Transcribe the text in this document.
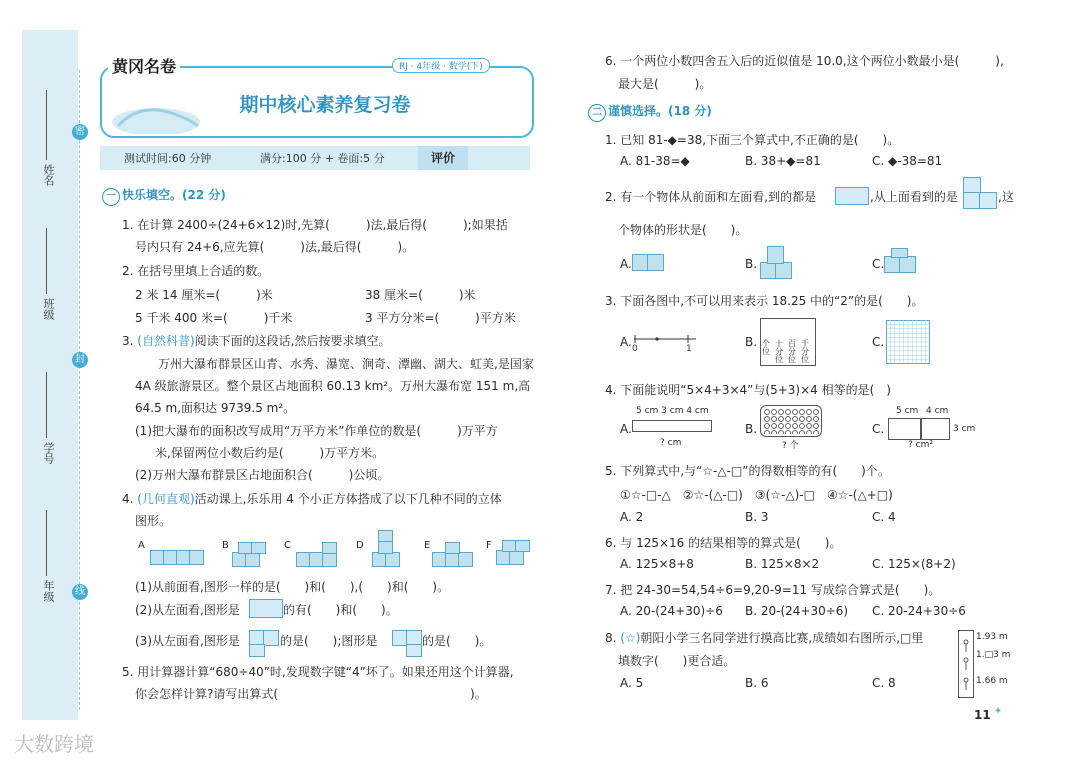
密
封
线
姓名
班级
学号
年级
黄冈名卷	RJ · 4年级 · 数学(下)
期中核心素养复习卷
测试时间:60 分钟	满分:100 分 + 卷面:5 分	评价
一 快乐填空。(22 分)
1. 在计算 2400÷(24+6×12)时,先算(　　　)法,最后得(　　　);如果括
号内只有 24+6,应先算(　　　)法,最后得(　　　)。
2. 在括号里填上合适的数。
2 米 14 厘米=(　　　)米	38 厘米=(　　　)米
5 千米 400 米=(　　　)千米	3 平方分米=(　　　)平方米
3. (自然科普)阅读下面的这段话,然后按要求填空。
万州大瀑布群景区山青、水秀、瀑宽、涧奇、潭幽、湖大、虹美,是国家
4A 级旅游景区。整个景区占地面积 60.13 km²。万州大瀑布宽 151 m,高
64.5 m,面积达 9739.5 m²。
(1)把大瀑布的面积改写成用“万平方米”作单位的数是(　　　)万平方
米,保留两位小数后约是(　　　)万平方米。
(2)万州大瀑布群景区占地面积合(　　　)公顷。
4. (几何直观)活动课上,乐乐用 4 个小正方体搭成了以下几种不同的立体
图形。
A	B	C	D	E	F
(1)从前面看,图形一样的是(　　)和(　　),(　　)和(　　)。
(2)从左面看,图形是	的有(　　)和(　　)。
(3)从左面看,图形是	的是(　　);图形是	的是(　　)。
5. 用计算器计算“680÷40”时,发现数字键“4”坏了。如果还用这个计算器,
你会怎样计算?请写出算式(　　　　　　　　　　　　　　　　)。
6. 一个两位小数四舍五入后的近似值是 10.0,这个两位小数最小是(　　　),
最大是(　　　)。
二 谨慎选择。(18 分)
1. 已知 81-◆=38,下面三个算式中,不正确的是(　　)。
A. 81-38=◆	B. 38+◆=81	C. ◆-38=81
2. 有一个物体从前面和左面看,到的都是	,从上面看到的是	,这
个物体的形状是(　　)。
A.	B.	C.
3. 下面各图中,不可以用来表示 18.25 中的“2”的是(　　)。
A. 0	1	B. 个位
十分位
百分位
千分位
C.
4. 下面能说明“5×4+3×4”与(5+3)×4 相等的是(　)
A.
5 cm 3 cm 4 cm
? cm
B.
? 个
C.
5 cm 4 cm
3 cm
? cm²
5. 下列算式中,与“☆-△-□”的得数相等的有(　　)个。
①☆-□-△　②☆-(△-□)　③(☆-△)-□　④☆-(△+□)
A. 2	B. 3	C. 4
6. 与 125×16 的结果相等的算式是(　　)。
A. 125×8+8	B. 125×8×2	C. 125×(8+2)
7. 把 24-30=54,54÷6=9,20-9=11 写成综合算式是(　　)。
A. 20-(24+30)÷6 B. 20-(24+30÷6) C. 20-24+30÷6
8. (☆)朝阳小学三名同学进行摸高比赛,成绩如右图所示,□里
填数字(　　)更合适。
A. 5	B. 6	C. 8
1.93 m
1.□3 m
1.66 m
11 ✦
大数跨境
